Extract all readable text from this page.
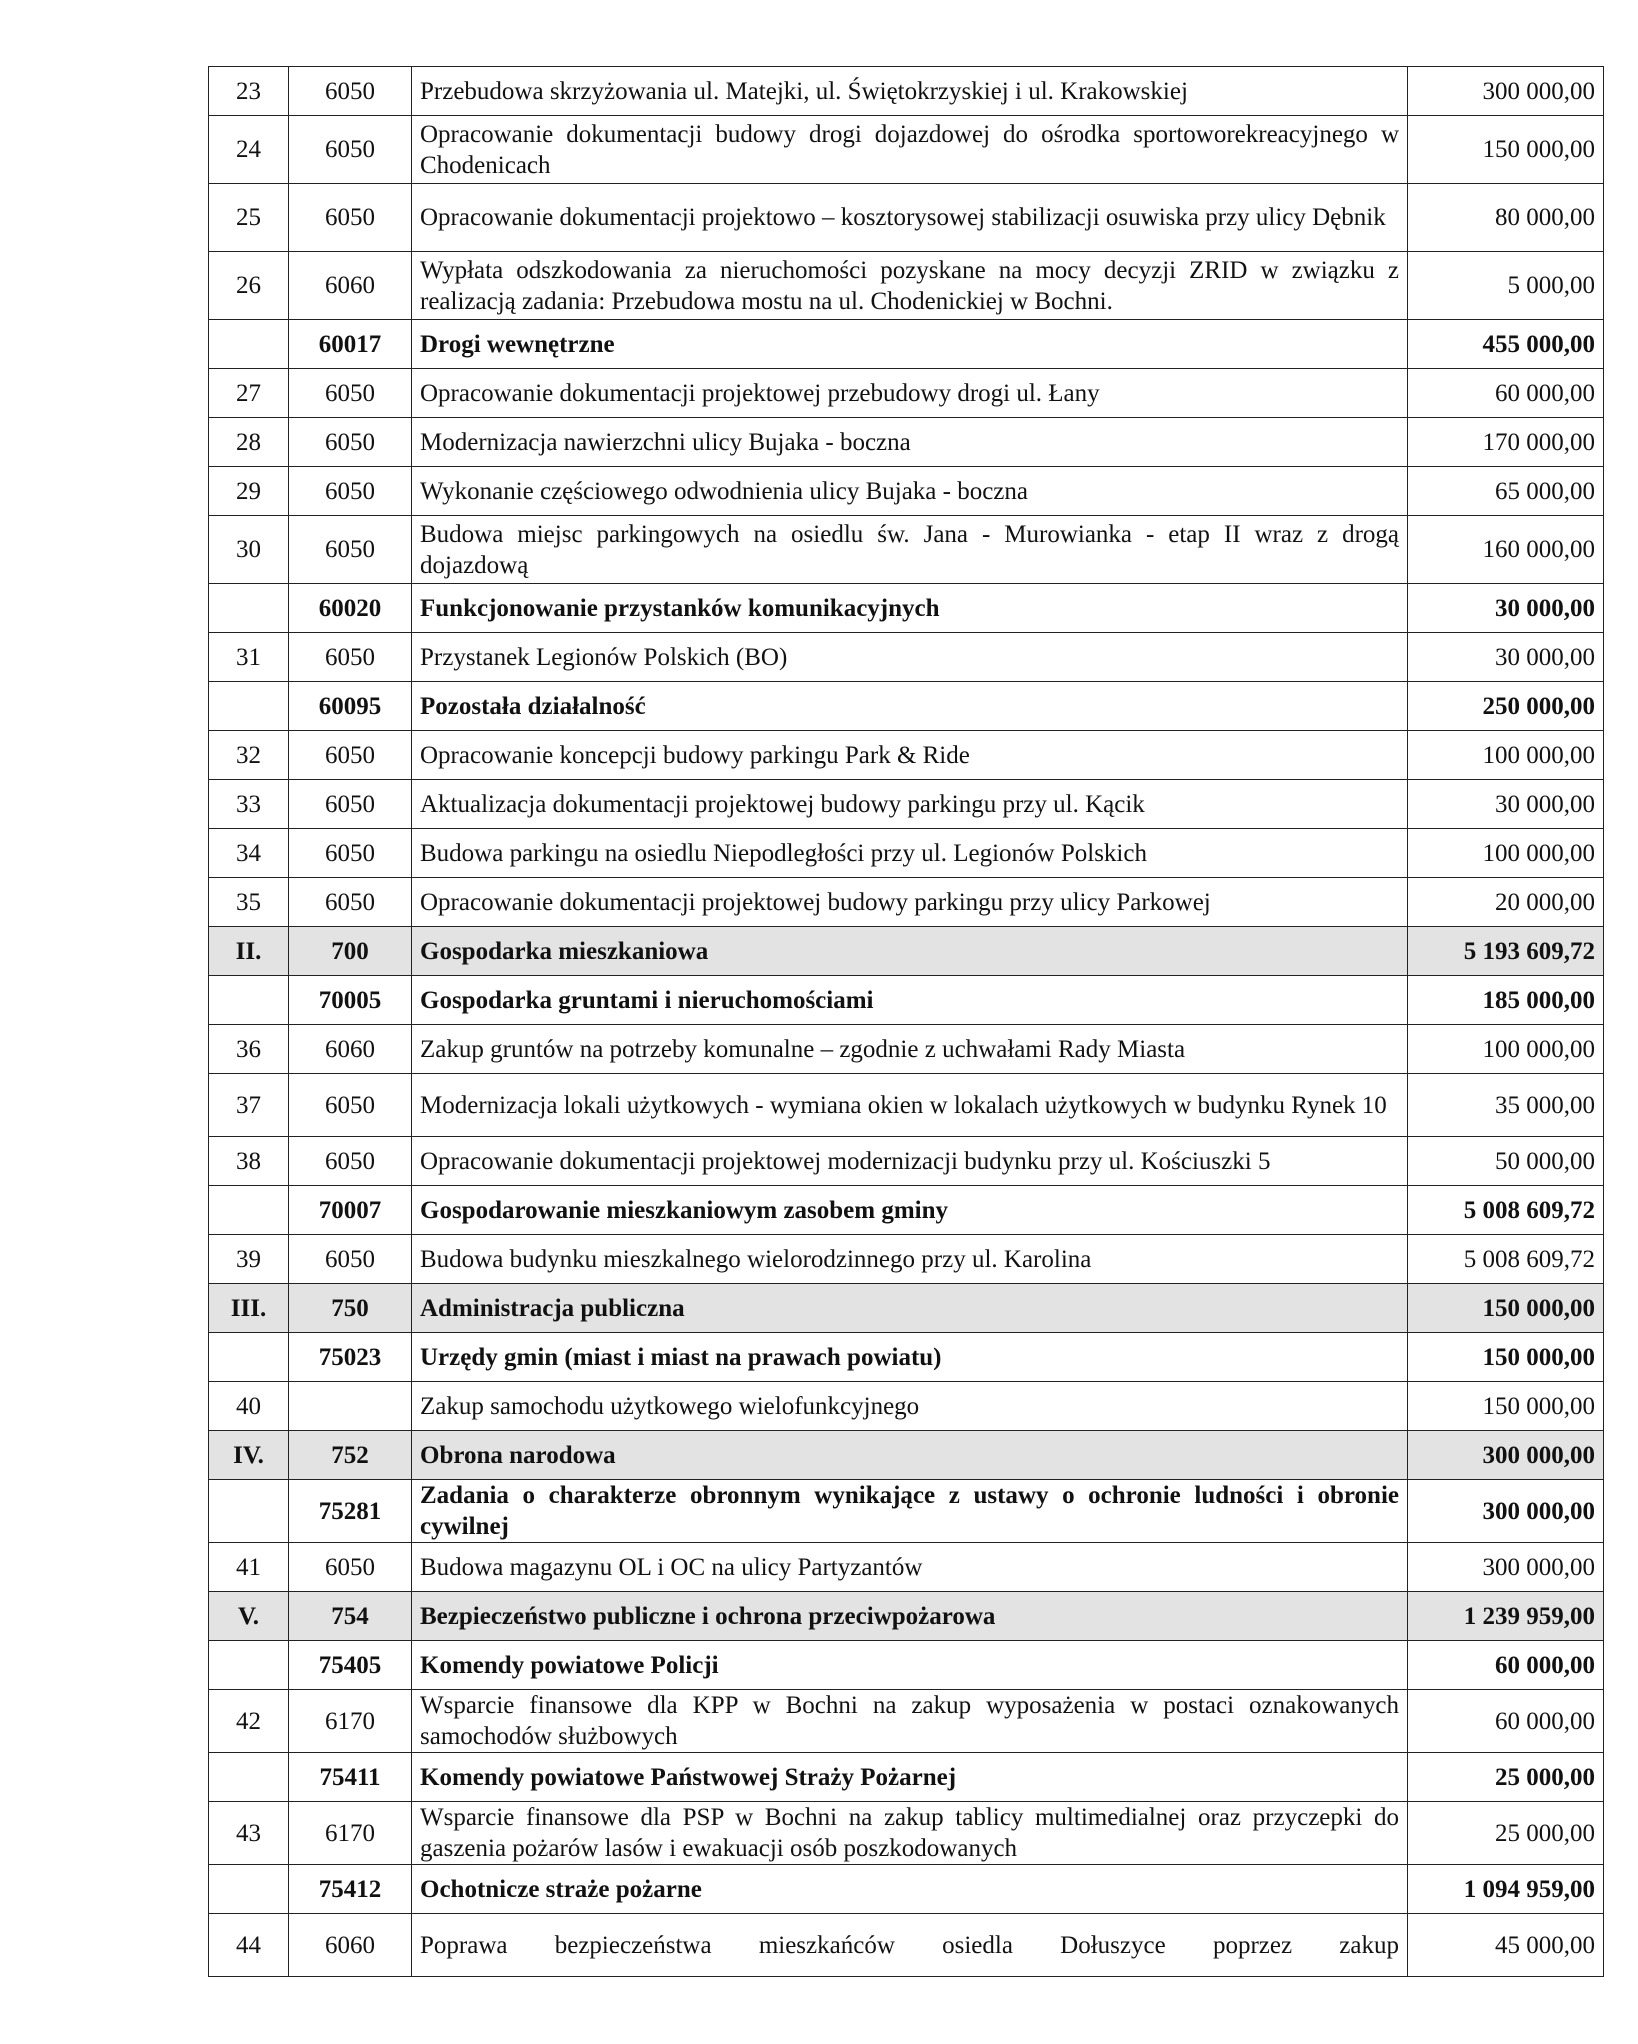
23	6050	Przebudowa skrzyżowania ul. Matejki, ul. Świętokrzyskiej i ul. Krakowskiej	300 000,00
24	6050	Opracowanie dokumentacji budowy drogi dojazdowej do ośrodka sportoworekreacyjnego w Chodenicach	150 000,00
25	6050	Opracowanie dokumentacji projektowo – kosztorysowej stabilizacji osuwiska przy ulicy Dębnik	80 000,00
26	6060	Wypłata odszkodowania za nieruchomości pozyskane na mocy decyzji ZRID w związku z realizacją zadania: Przebudowa mostu na ul. Chodenickiej w Bochni.	5 000,00
	60017	Drogi wewnętrzne	455 000,00
27	6050	Opracowanie dokumentacji projektowej przebudowy drogi ul. Łany	60 000,00
28	6050	Modernizacja nawierzchni ulicy Bujaka - boczna	170 000,00
29	6050	Wykonanie częściowego odwodnienia ulicy Bujaka - boczna	65 000,00
30	6050	Budowa miejsc parkingowych na osiedlu św. Jana - Murowianka - etap II wraz z drogą dojazdową	160 000,00
	60020	Funkcjonowanie przystanków komunikacyjnych	30 000,00
31	6050	Przystanek Legionów Polskich (BO)	30 000,00
	60095	Pozostała działalność	250 000,00
32	6050	Opracowanie koncepcji budowy parkingu Park & Ride	100 000,00
33	6050	Aktualizacja dokumentacji projektowej budowy parkingu przy ul. Kącik	30 000,00
34	6050	Budowa parkingu na osiedlu Niepodległości przy ul. Legionów Polskich	100 000,00
35	6050	Opracowanie dokumentacji projektowej budowy parkingu przy ulicy Parkowej	20 000,00
II.	700	Gospodarka mieszkaniowa	5 193 609,72
	70005	Gospodarka gruntami i nieruchomościami	185 000,00
36	6060	Zakup gruntów na potrzeby komunalne – zgodnie z uchwałami Rady Miasta	100 000,00
37	6050	Modernizacja lokali użytkowych - wymiana okien w lokalach użytkowych w budynku Rynek 10	35 000,00
38	6050	Opracowanie dokumentacji projektowej modernizacji budynku przy ul. Kościuszki 5	50 000,00
	70007	Gospodarowanie mieszkaniowym zasobem gminy	5 008 609,72
39	6050	Budowa budynku mieszkalnego wielorodzinnego przy ul. Karolina	5 008 609,72
III.	750	Administracja publiczna	150 000,00
	75023	Urzędy gmin (miast i miast na prawach powiatu)	150 000,00
40		Zakup samochodu użytkowego wielofunkcyjnego	150 000,00
IV.	752	Obrona narodowa	300 000,00
	75281	Zadania o charakterze obronnym wynikające z ustawy o ochronie ludności i obronie cywilnej	300 000,00
41	6050	Budowa magazynu OL i OC na ulicy Partyzantów	300 000,00
V.	754	Bezpieczeństwo publiczne i ochrona przeciwpożarowa	1 239 959,00
	75405	Komendy powiatowe Policji	60 000,00
42	6170	Wsparcie finansowe dla KPP w Bochni na zakup wyposażenia w postaci oznakowanych samochodów służbowych	60 000,00
	75411	Komendy powiatowe Państwowej Straży Pożarnej	25 000,00
43	6170	Wsparcie finansowe dla PSP w Bochni na zakup tablicy multimedialnej oraz przyczepki do gaszenia pożarów lasów i ewakuacji osób poszkodowanych	25 000,00
	75412	Ochotnicze straże pożarne	1 094 959,00
44	6060	Poprawa bezpieczeństwa mieszkańców osiedla Dołuszyce poprzez zakup	45 000,00
